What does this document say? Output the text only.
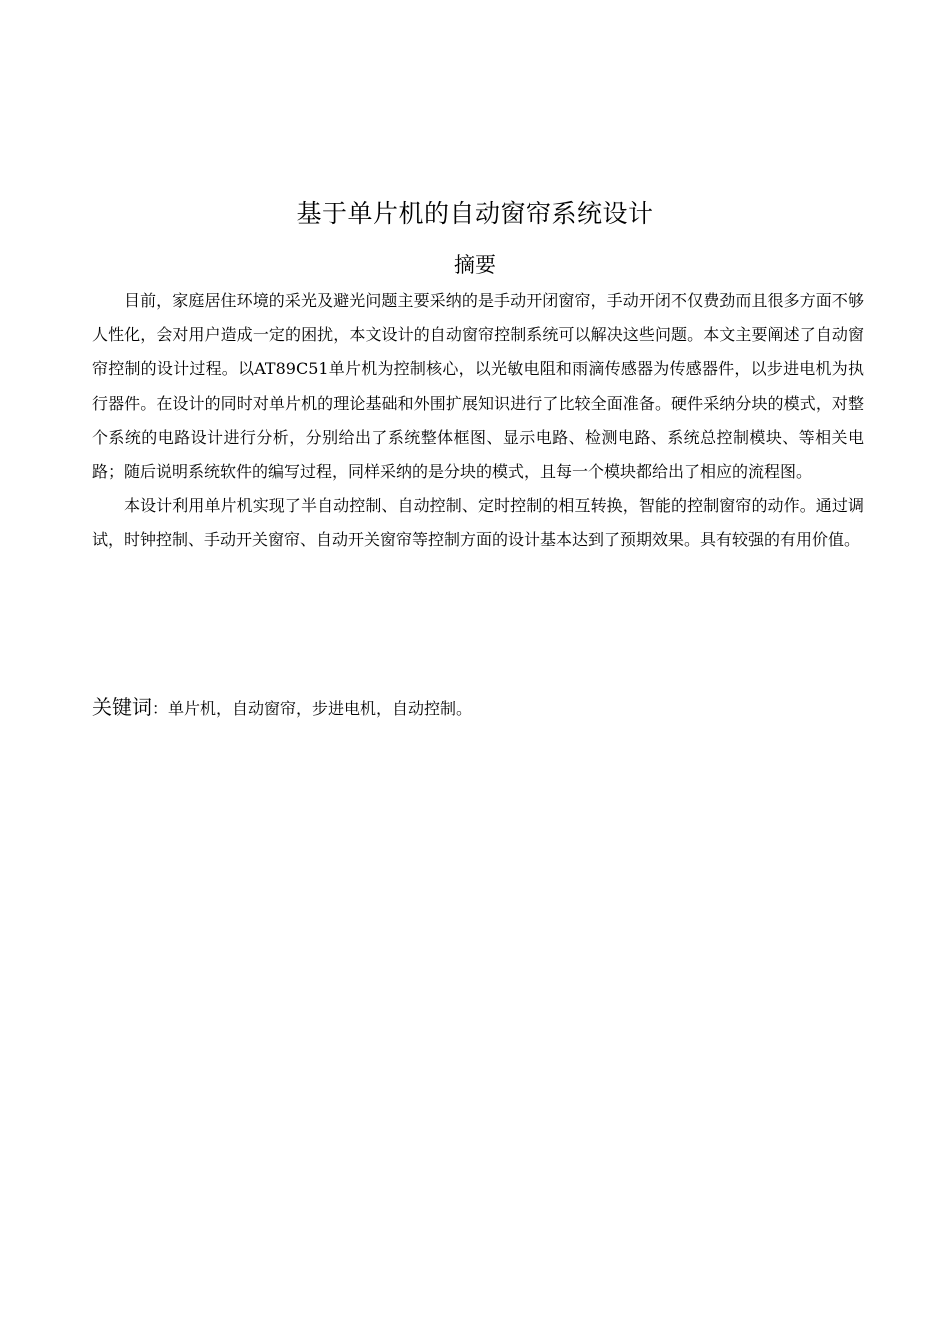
基于单片机的自动窗帘系统设计
摘要

目前，家庭居住环境的采光及避光问题主要采纳的是手动开闭窗帘，手动开闭不仅费劲而且很多方面不够人性化，会对用户造成一定的困扰，本文设计的自动窗帘控制系统可以解决这些问题。本文主要阐述了自动窗帘控制的设计过程。以AT89C51单片机为控制核心，以光敏电阻和雨滴传感器为传感器件，以步进电机为执行器件。在设计的同时对单片机的理论基础和外围扩展知识进行了比较全面准备。硬件采纳分块的模式，对整个系统的电路设计进行分析，分别给出了系统整体框图、显示电路、检测电路、系统总控制模块、等相关电路；随后说明系统软件的编写过程，同样采纳的是分块的模式，且每一个模块都给出了相应的流程图。

本设计利用单片机实现了半自动控制、自动控制、定时控制的相互转换，智能的控制窗帘的动作。通过调试，时钟控制、手动开关窗帘、自动开关窗帘等控制方面的设计基本达到了预期效果。具有较强的有用价值。

关键词：单片机，自动窗帘，步进电机，自动控制。
